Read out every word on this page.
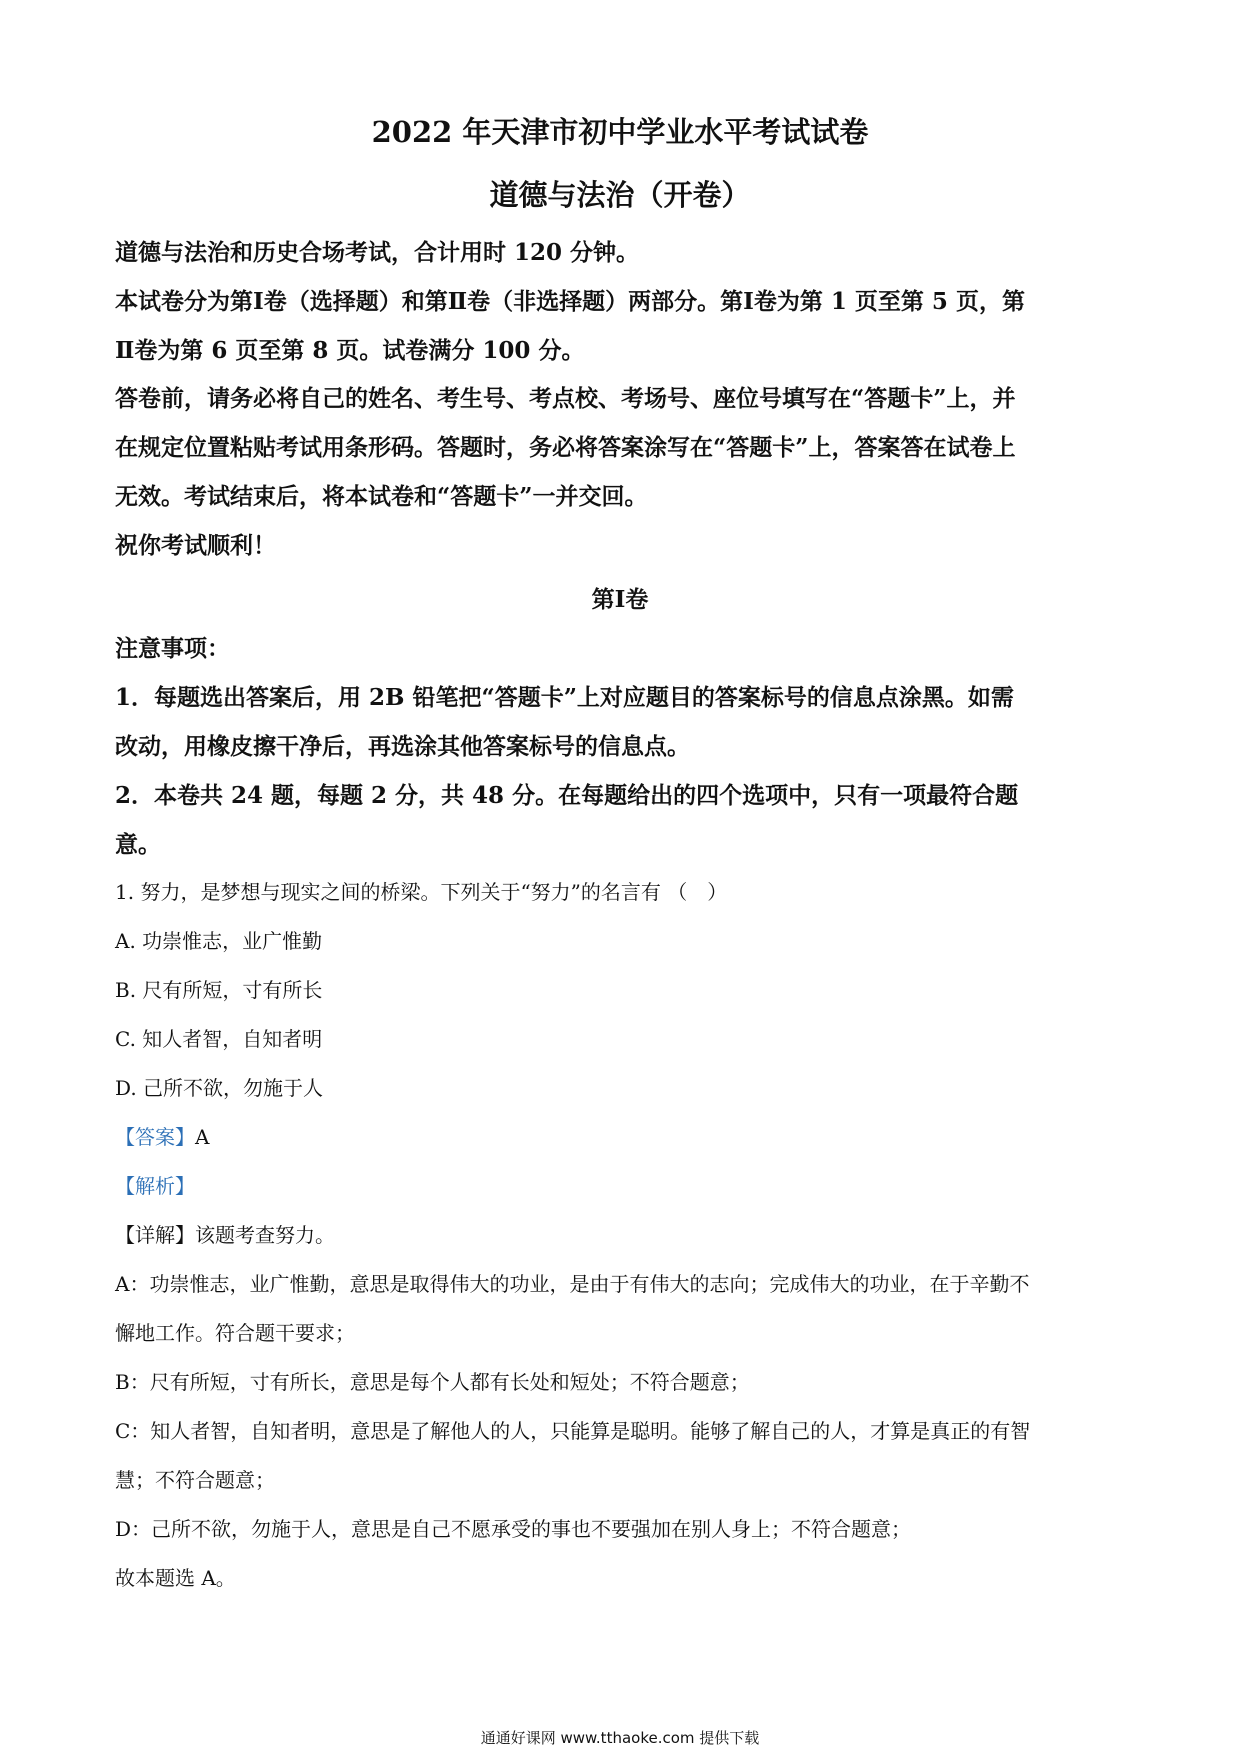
2022 年天津市初中学业水平考试试卷
道德与法治（开卷）
道德与法治和历史合场考试，合计用时 120 分钟。
本试卷分为第Ⅰ卷（选择题）和第Ⅱ卷（非选择题）两部分。第Ⅰ卷为第 1 页至第 5 页，第
Ⅱ卷为第 6 页至第 8 页。试卷满分 100 分。
答卷前，请务必将自己的姓名、考生号、考点校、考场号、座位号填写在“答题卡”上，并
在规定位置粘贴考试用条形码。答题时，务必将答案涂写在“答题卡”上，答案答在试卷上
无效。考试结束后，将本试卷和“答题卡”一并交回。
祝你考试顺利！
第Ⅰ卷
注意事项：
1．每题选出答案后，用 2B 铅笔把“答题卡”上对应题目的答案标号的信息点涂黑。如需
改动，用橡皮擦干净后，再选涂其他答案标号的信息点。
2．本卷共 24 题，每题 2 分，共 48 分。在每题给出的四个选项中，只有一项最符合题
意。
1. 努力，是梦想与现实之间的桥梁。下列关于“努力”的名言有 （　）
A. 功崇惟志，业广惟勤
B. 尺有所短，寸有所长
C. 知人者智，自知者明
D. 己所不欲，勿施于人
【答案】A
【解析】
【详解】该题考查努力。
A：功崇惟志，业广惟勤，意思是取得伟大的功业，是由于有伟大的志向；完成伟大的功业，在于辛勤不
懈地工作。符合题干要求；
B：尺有所短，寸有所长，意思是每个人都有长处和短处；不符合题意；
C：知人者智，自知者明，意思是了解他人的人，只能算是聪明。能够了解自己的人，才算是真正的有智
慧；不符合题意；
D：己所不欲，勿施于人，意思是自己不愿承受的事也不要强加在别人身上；不符合题意；
故本题选 A。
通通好课网 www.tthaoke.com 提供下载
